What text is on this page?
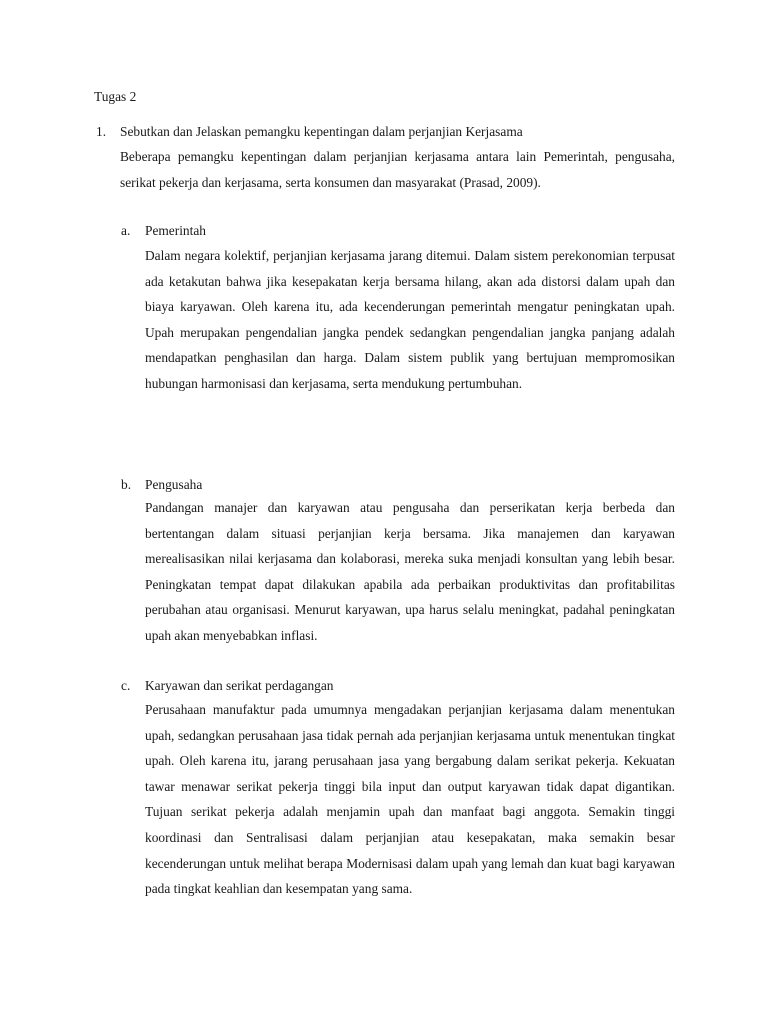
Tugas 2
1. Sebutkan dan Jelaskan pemangku kepentingan dalam perjanjian Kerjasama

Beberapa pemangku kepentingan dalam perjanjian kerjasama antara lain Pemerintah, pengusaha, serikat pekerja dan kerjasama, serta konsumen dan masyarakat (Prasad, 2009).

a. Pemerintah

Dalam negara kolektif, perjanjian kerjasama jarang ditemui. Dalam sistem perekonomian terpusat ada ketakutan bahwa jika kesepakatan kerja bersama hilang, akan ada distorsi dalam upah dan biaya karyawan. Oleh karena itu, ada kecenderungan pemerintah mengatur peningkatan upah. Upah merupakan pengendalian jangka pendek sedangkan pengendalian jangka panjang adalah mendapatkan penghasilan dan harga. Dalam sistem publik yang bertujuan mempromosikan hubungan harmonisasi dan kerjasama, serta mendukung pertumbuhan.

b. Pengusaha

Pandangan manajer dan karyawan atau pengusaha dan perserikatan kerja berbeda dan bertentangan dalam situasi perjanjian kerja bersama. Jika manajemen dan karyawan merealisasikan nilai kerjasama dan kolaborasi, mereka suka menjadi konsultan yang lebih besar. Peningkatan tempat dapat dilakukan apabila ada perbaikan produktivitas dan profitabilitas perubahan atau organisasi. Menurut karyawan, upa harus selalu meningkat, padahal peningkatan upah akan menyebabkan inflasi.

c. Karyawan dan serikat perdagangan

Perusahaan manufaktur pada umumnya mengadakan perjanjian kerjasama dalam menentukan upah, sedangkan perusahaan jasa tidak pernah ada perjanjian kerjasama untuk menentukan tingkat upah. Oleh karena itu, jarang perusahaan jasa yang bergabung dalam serikat pekerja. Kekuatan tawar menawar serikat pekerja tinggi bila input dan output karyawan tidak dapat digantikan. Tujuan serikat pekerja adalah menjamin upah dan manfaat bagi anggota. Semakin tinggi koordinasi dan Sentralisasi dalam perjanjian atau kesepakatan, maka semakin besar kecenderungan untuk melihat berapa Modernisasi dalam upah yang lemah dan kuat bagi karyawan pada tingkat keahlian dan kesempatan yang sama.
